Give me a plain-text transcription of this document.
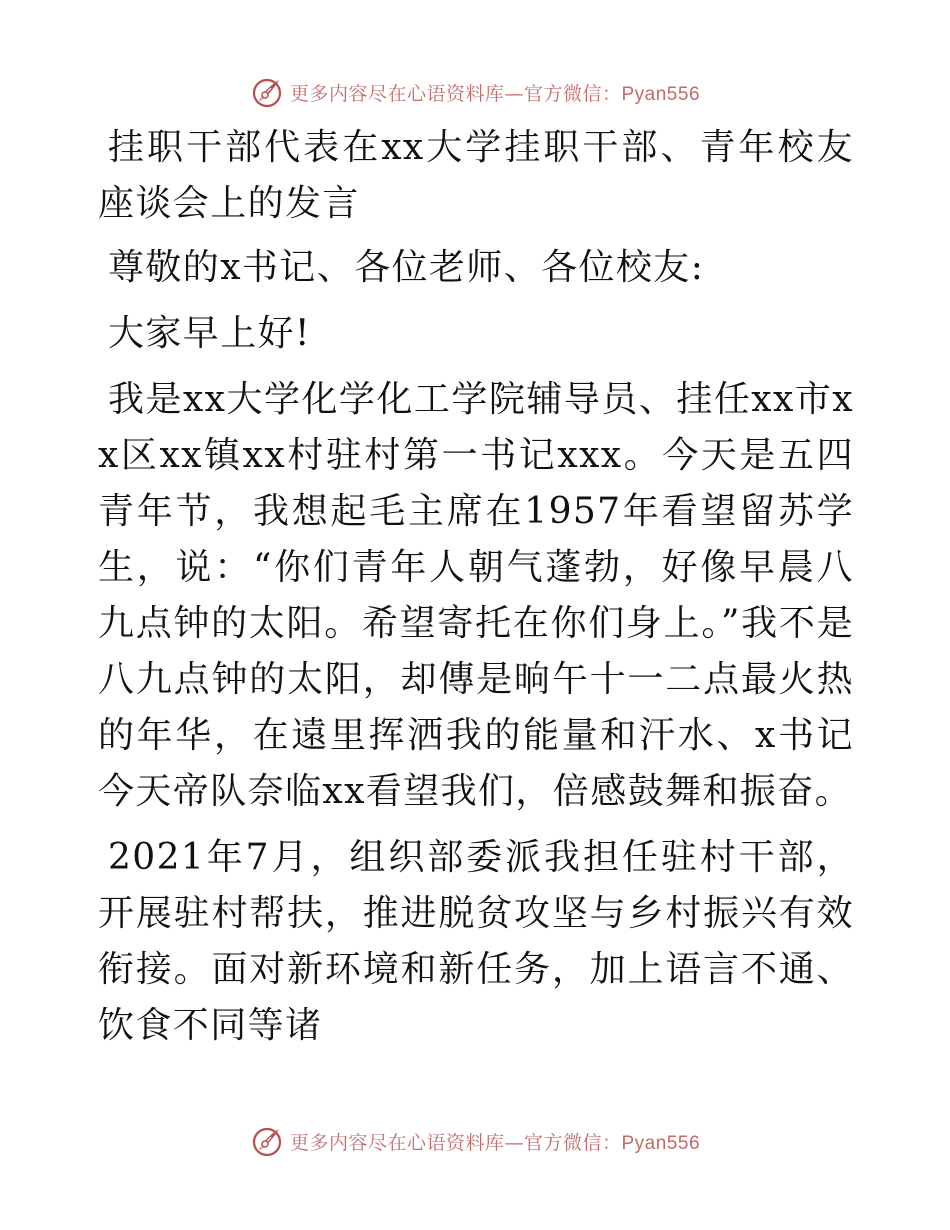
更多内容尽在心语资料库—官方微信：Pyan556

挂职干部代表在xx大学挂职干部、青年校友座谈会上的发言

尊敬的x书记、各位老师、各位校友:

大家早上好!

我是xx大学化学化工学院辅导员、挂任xx市xx区xx镇xx村驻村第一书记xxx。今天是五四青年节，我想起毛主席在1957年看望留苏学生，说：“你们青年人朝气蓬勃，好像早晨八九点钟的太阳。希望寄托在你们身上。”我不是八九点钟的太阳，却傳是晌午十一二点最火热的年华，在遠里挥洒我的能量和汗水、x书记今天帝队奈临xx看望我们，倍感鼓舞和振奋。

2021年7月，组织部委派我担任驻村干部，开展驻村帮扶，推进脱贫攻坚与乡村振兴有效衔接。面对新环境和新任务，加上语言不通、饮食不同等诸

更多内容尽在心语资料库—官方微信：Pyan556
